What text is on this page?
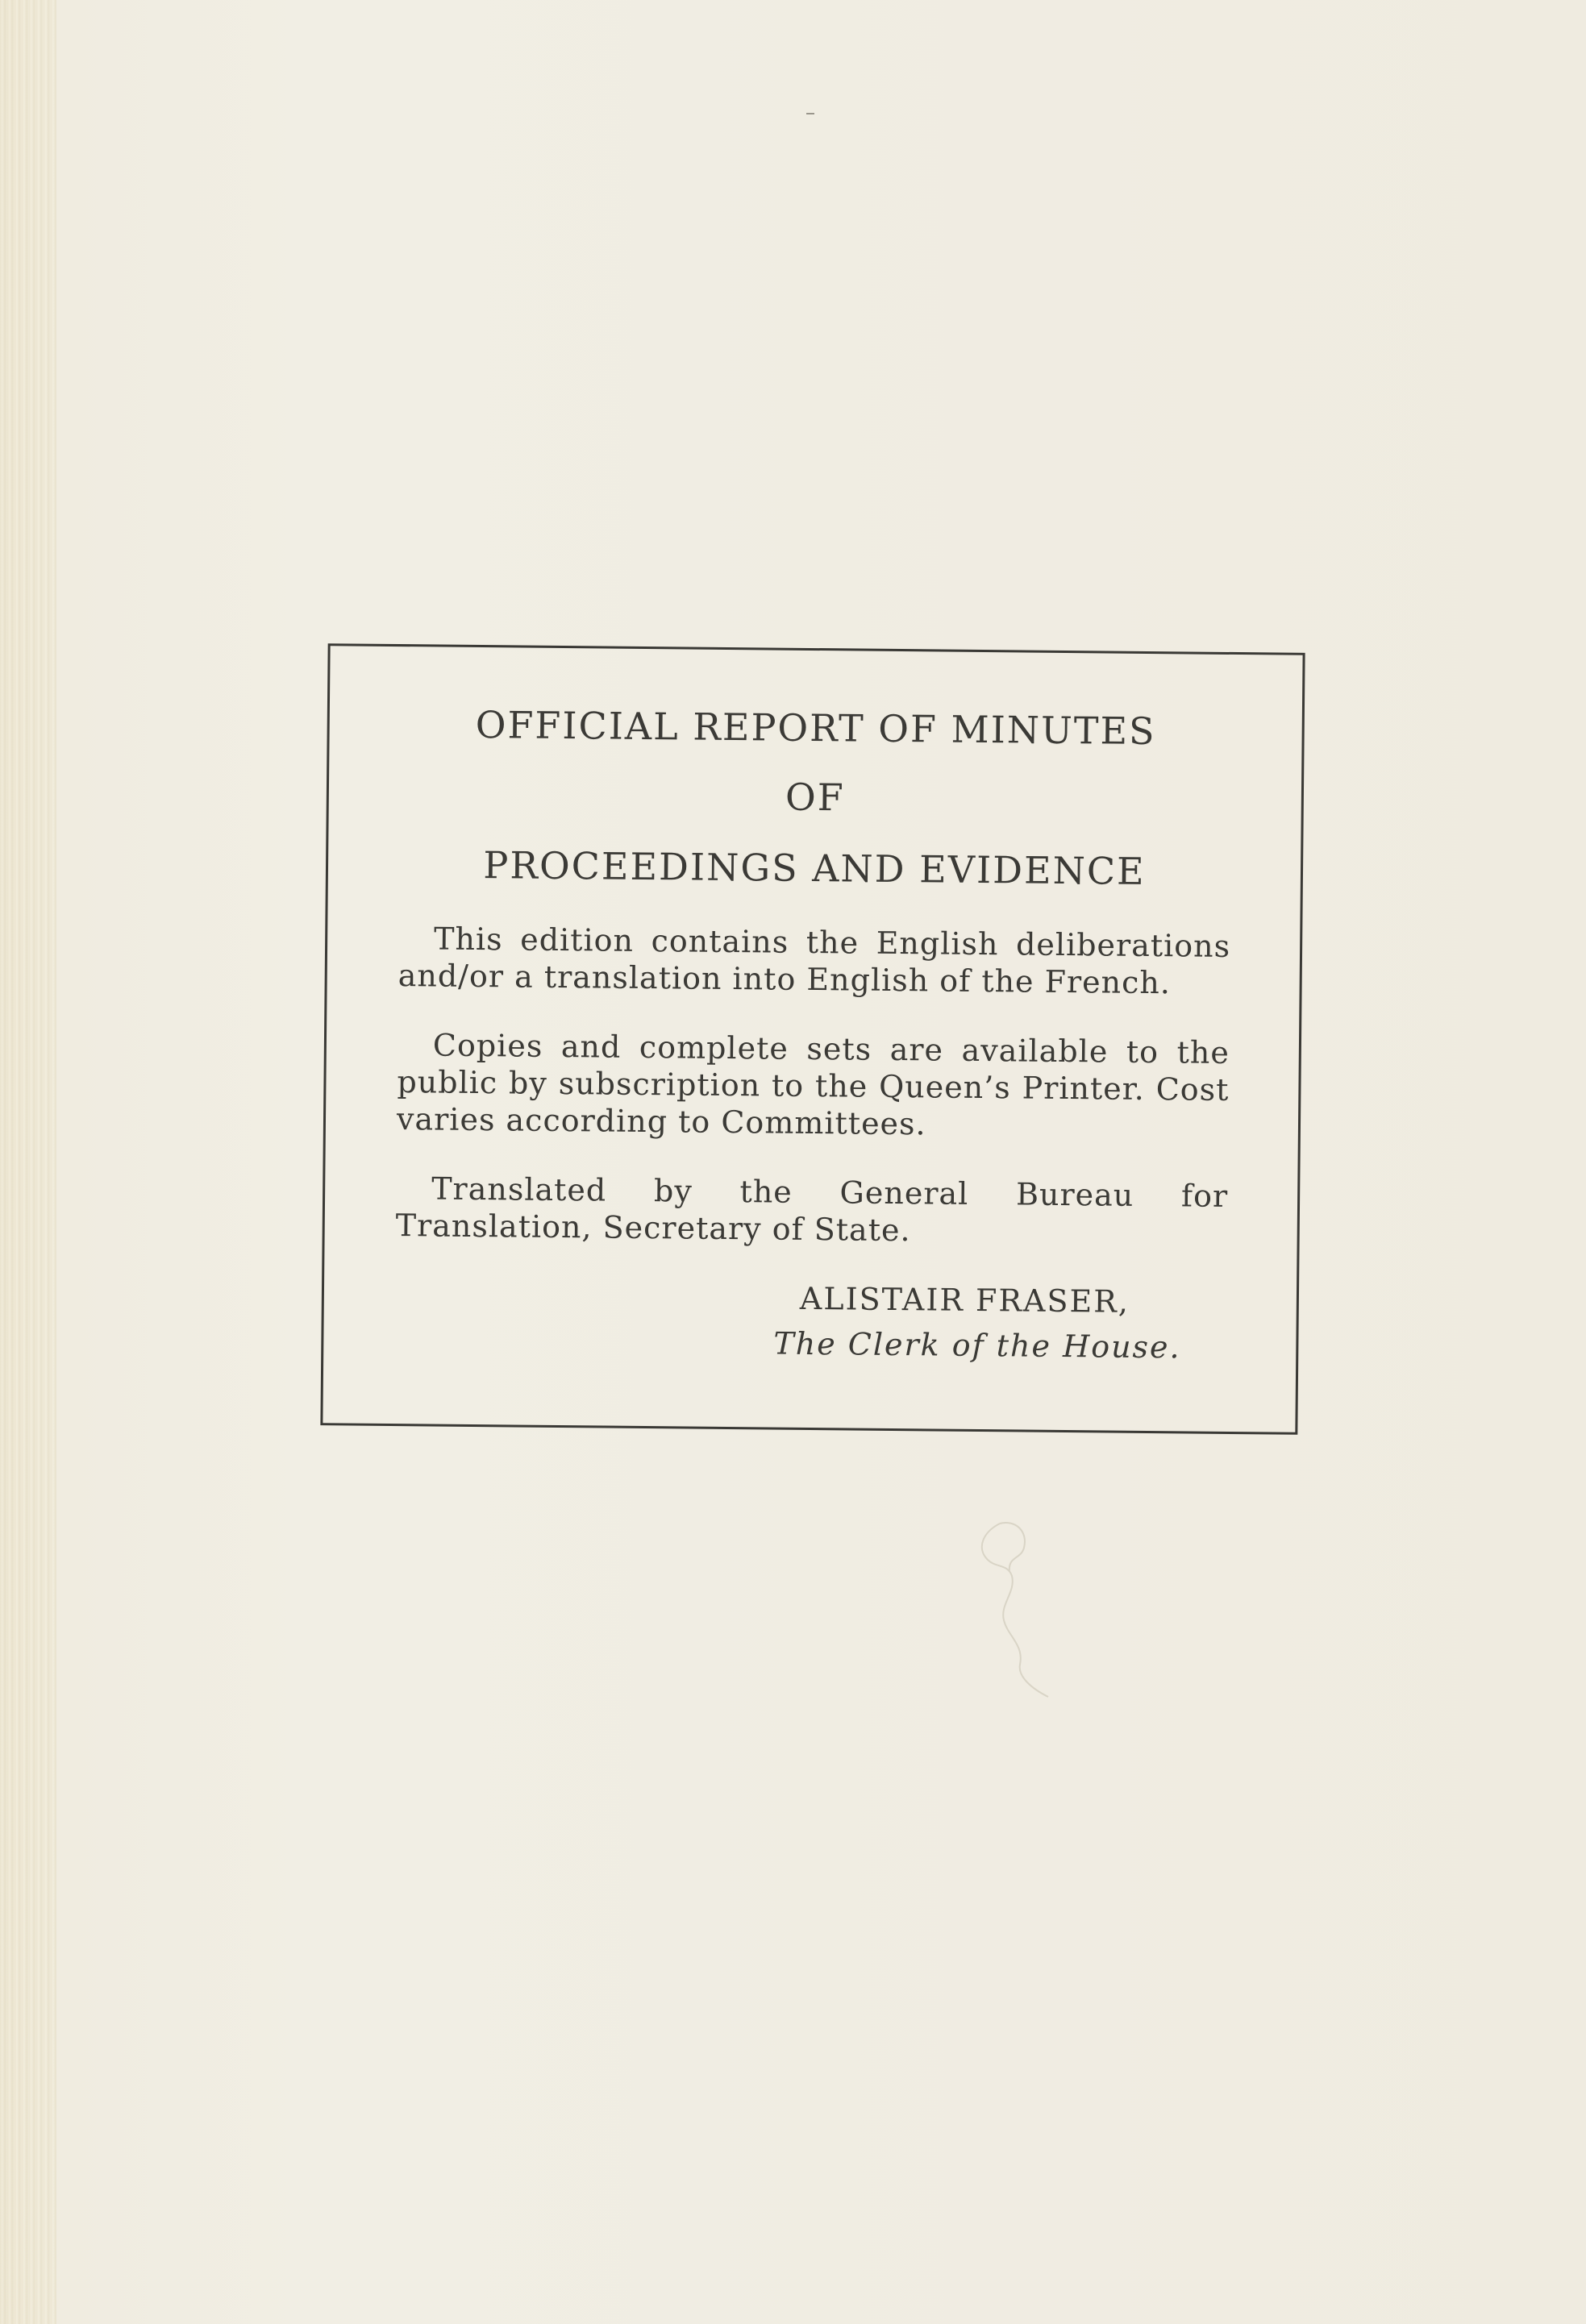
OFFICIAL REPORT OF MINUTES
OF
PROCEEDINGS AND EVIDENCE

This edition contains the English deliberations and/or a translation into English of the French.

Copies and complete sets are available to the public by subscription to the Queen’s Printer. Cost varies according to Committees.

Translated by the General Bureau for Translation, Secretary of State.

ALISTAIR FRASER,
The Clerk of the House.
